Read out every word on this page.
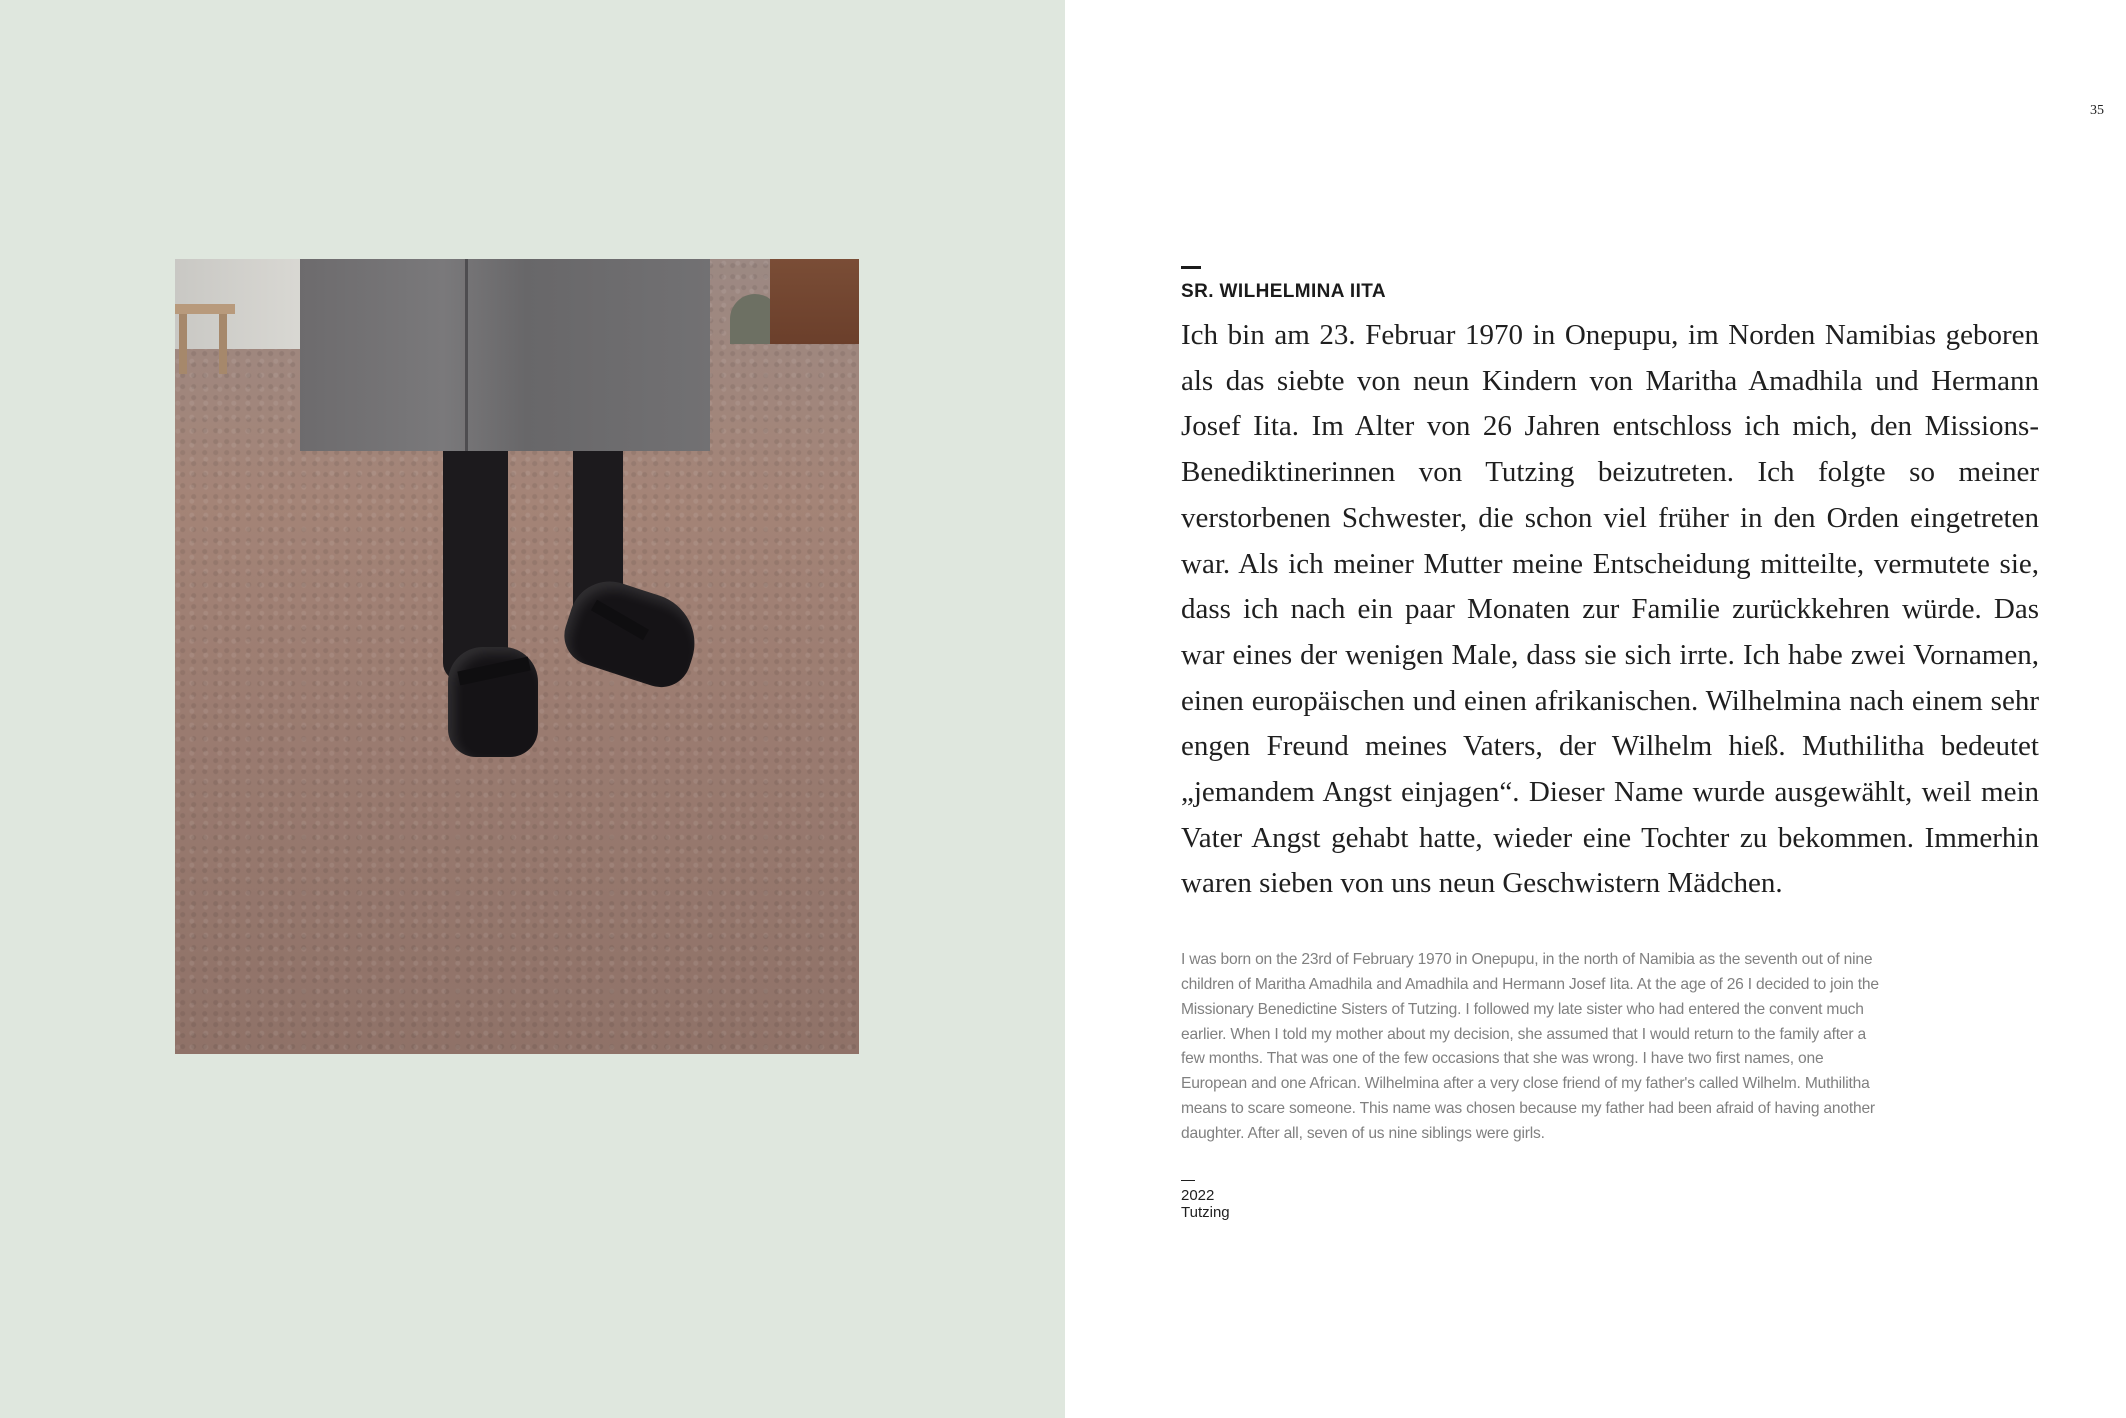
35
SR. WILHELMINA IITA

Ich bin am 23. Februar 1970 in Onepupu, im Norden Namibias geboren als das siebte von neun Kindern von Maritha Amadhila und Hermann Josef Iita. Im Alter von 26 Jahren entschloss ich mich, den Missions-Benediktinerinnen von Tutzing beizutreten. Ich folgte so meiner verstorbenen Schwester, die schon viel früher in den Orden eingetreten war. Als ich meiner Mutter meine Entscheidung mitteilte, vermutete sie, dass ich nach ein paar Monaten zur Familie zurückkehren würde. Das war eines der wenigen Male, dass sie sich irrte. Ich habe zwei Vornamen, einen europäischen und einen afrikanischen. Wilhelmina nach einem sehr engen Freund meines Vaters, der Wilhelm hieß. Muthilitha bedeutet „jemandem Angst einjagen“. Dieser Name wurde ausgewählt, weil mein Vater Angst gehabt hatte, wieder eine Tochter zu bekommen. Immerhin waren sieben von uns neun Geschwistern Mädchen.

I was born on the 23rd of February 1970 in Onepupu, in the north of Namibia as the seventh out of nine children of Maritha Amadhila and Amadhila and Hermann Josef Iita. At the age of 26 I decided to join the Missionary Benedictine Sisters of Tutzing. I followed my late sister who had entered the convent much earlier. When I told my mother about my decision, she assumed that I would return to the family after a few months. That was one of the few occasions that she was wrong. I have two first names, one European and one African. Wilhelmina after a very close friend of my father's called Wilhelm. Muthilitha means to scare someone. This name was chosen because my father had been afraid of having another daughter. After all, seven of us nine siblings were girls.

2022
Tutzing
